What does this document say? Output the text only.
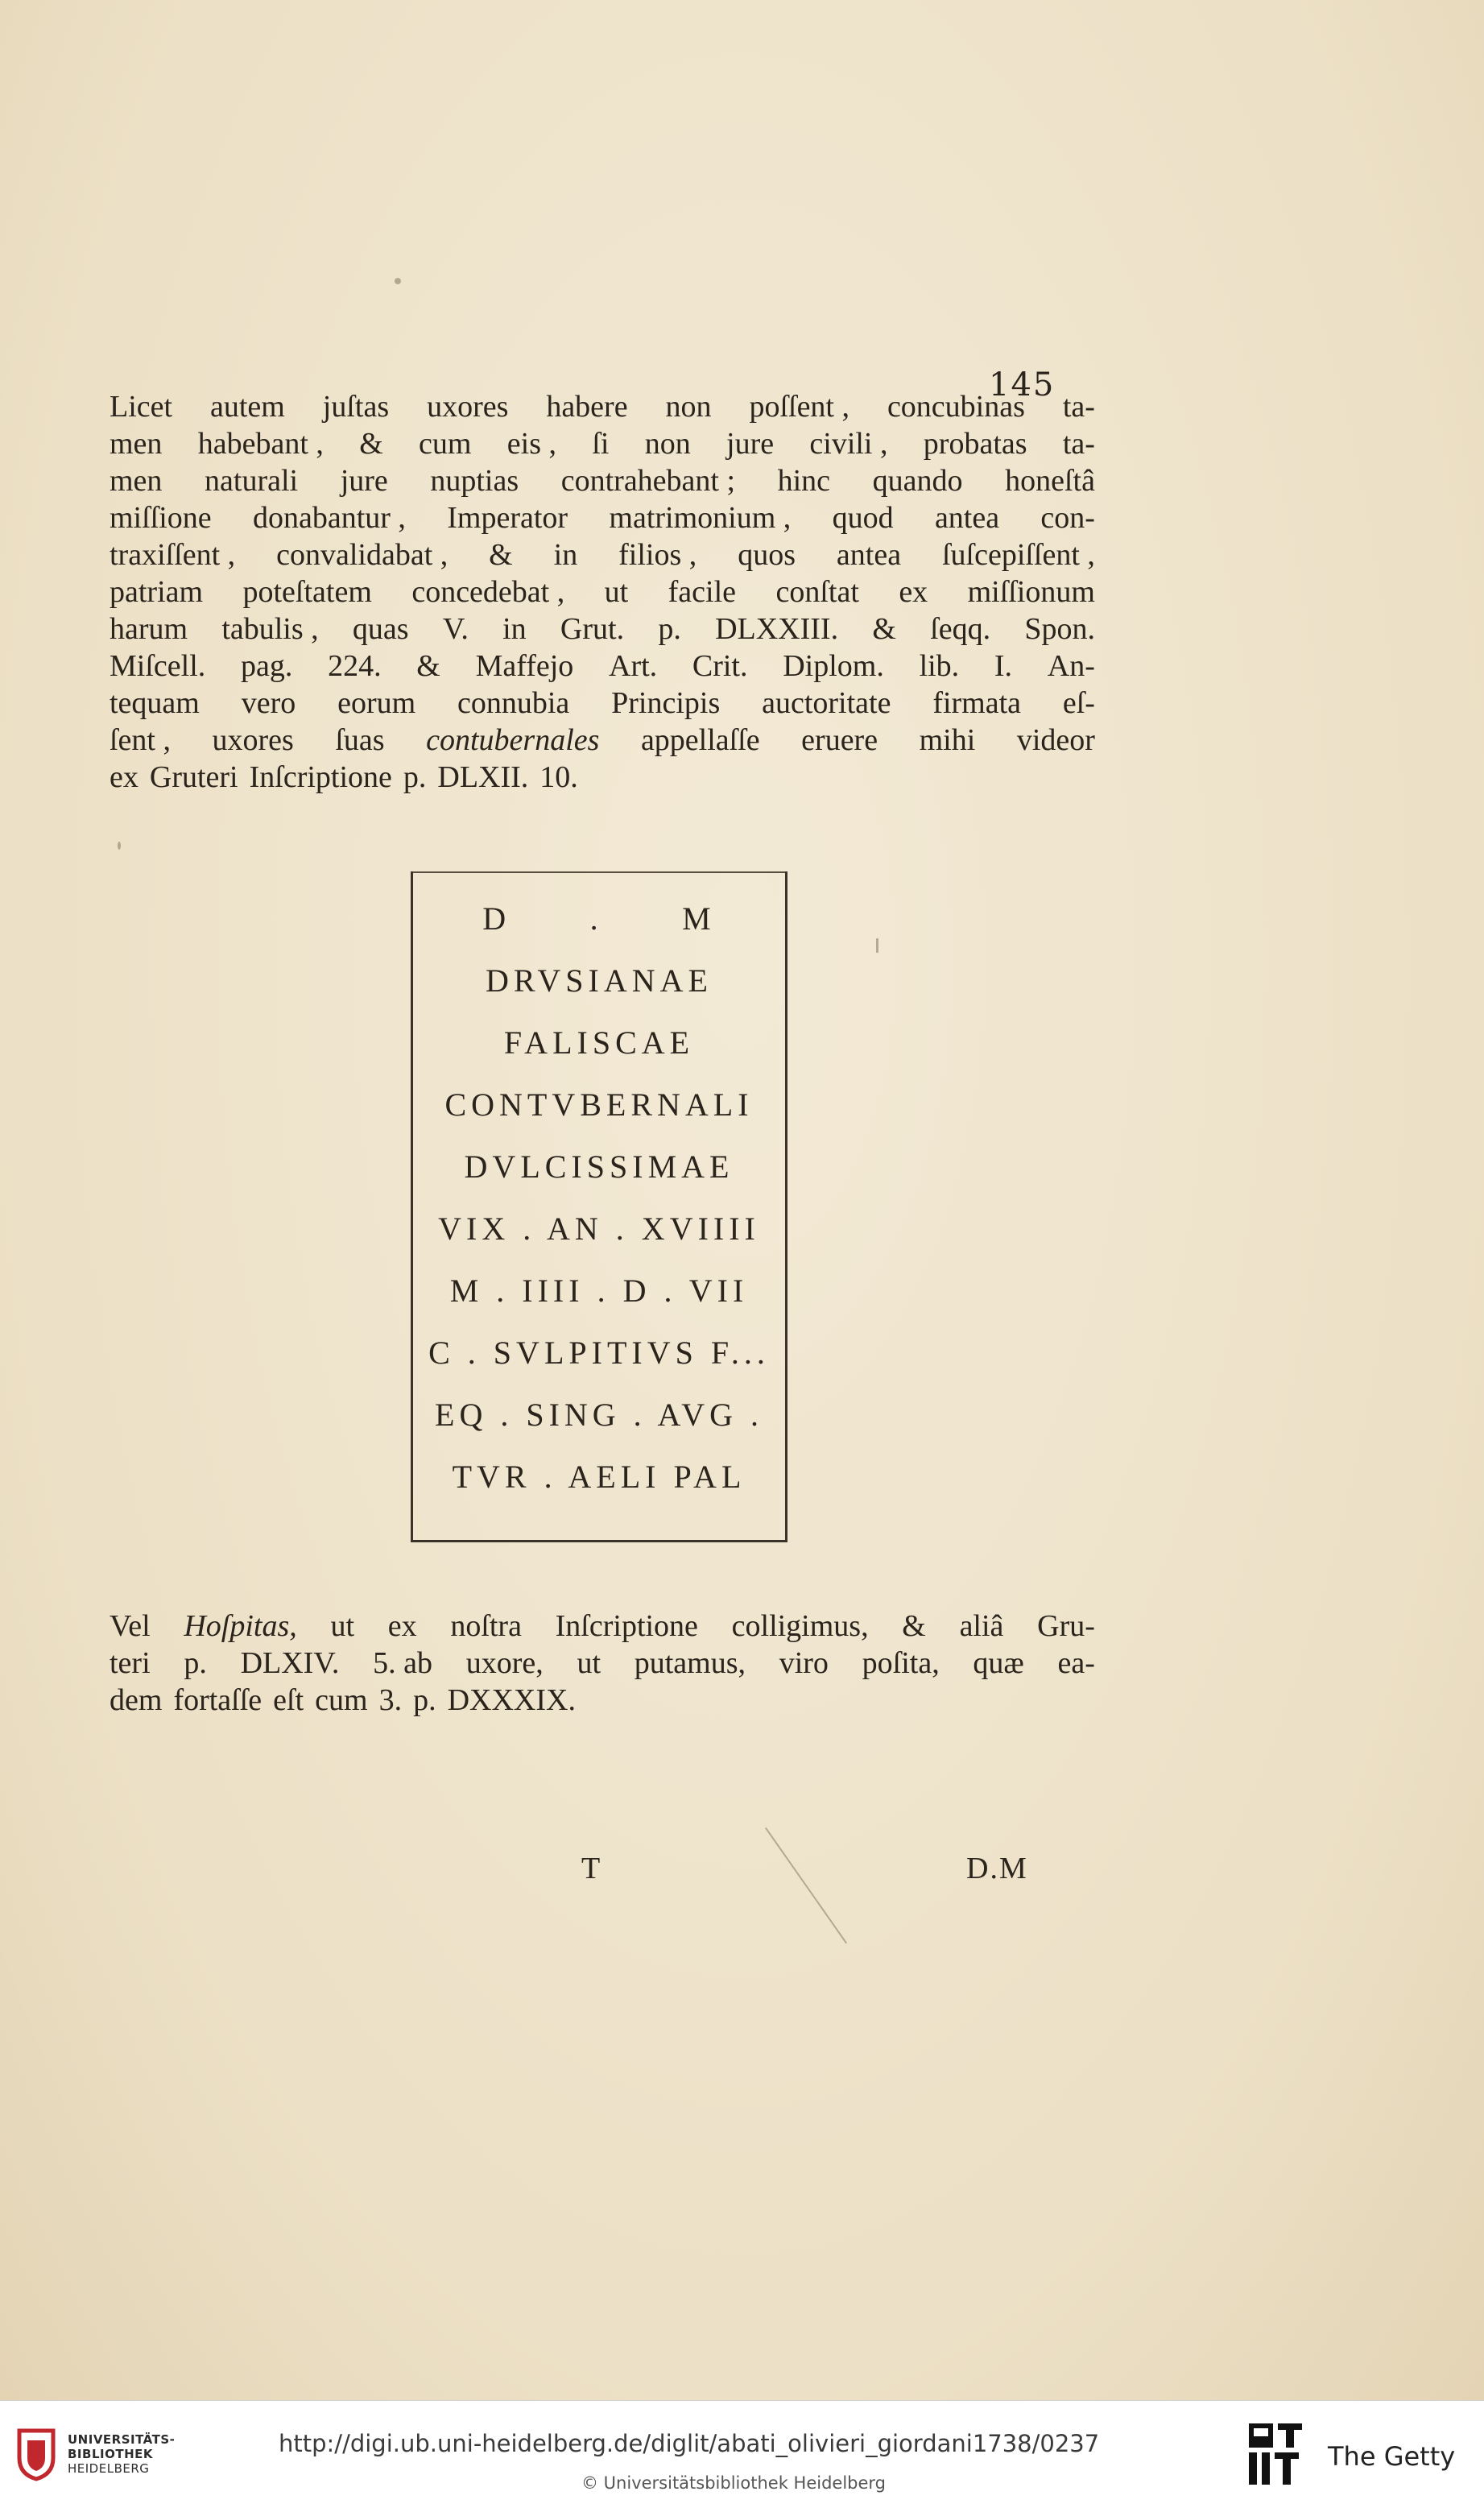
145
Licet autem juſtas uxores habere non poſſent , concubinas ta-
men habebant , & cum eis , ſi non jure civili , probatas ta-
men naturali jure nuptias contrahebant ; hinc quando honeſtâ
miſſione donabantur , Imperator matrimonium , quod antea con-
traxiſſent , convalidabat , & in filios , quos antea ſuſcepiſſent ,
patriam poteſtatem concedebat , ut facile conſtat ex miſſionum
harum tabulis , quas V. in Grut. p. DLXXIII. & ſeqq. Spon.
Miſcell. pag. 224. & Maffejo Art. Crit. Diplom. lib. I. An-
tequam vero eorum connubia Principis auctoritate firmata eſ-
ſent , uxores ſuas contubernales appellaſſe eruere mihi videor
ex Gruteri Inſcriptione p. DLXII. 10.
D . M
DRVSIANAE
FALISCAE
CONTVBERNALI
DVLCISSIMAE
VIX . AN . XVIIII
M . IIII . D . VII
C . SVLPITIVS F...
EQ . SING . AVG .
TVR . AELI PAL
Vel Hoſpitas, ut ex noſtra Inſcriptione colligimus, & aliâ Gru-
teri p. DLXIV. 5. ab uxore, ut putamus, viro poſita, quæ ea-
dem fortaſſe eſt cum 3. p. DXXXIX.
T	D.M
UNIVERSITÄTS-
BIBLIOTHEK
HEIDELBERG
http://digi.ub.uni-heidelberg.de/diglit/abati_olivieri_giordani1738/0237
© Universitätsbibliothek Heidelberg
The Getty
